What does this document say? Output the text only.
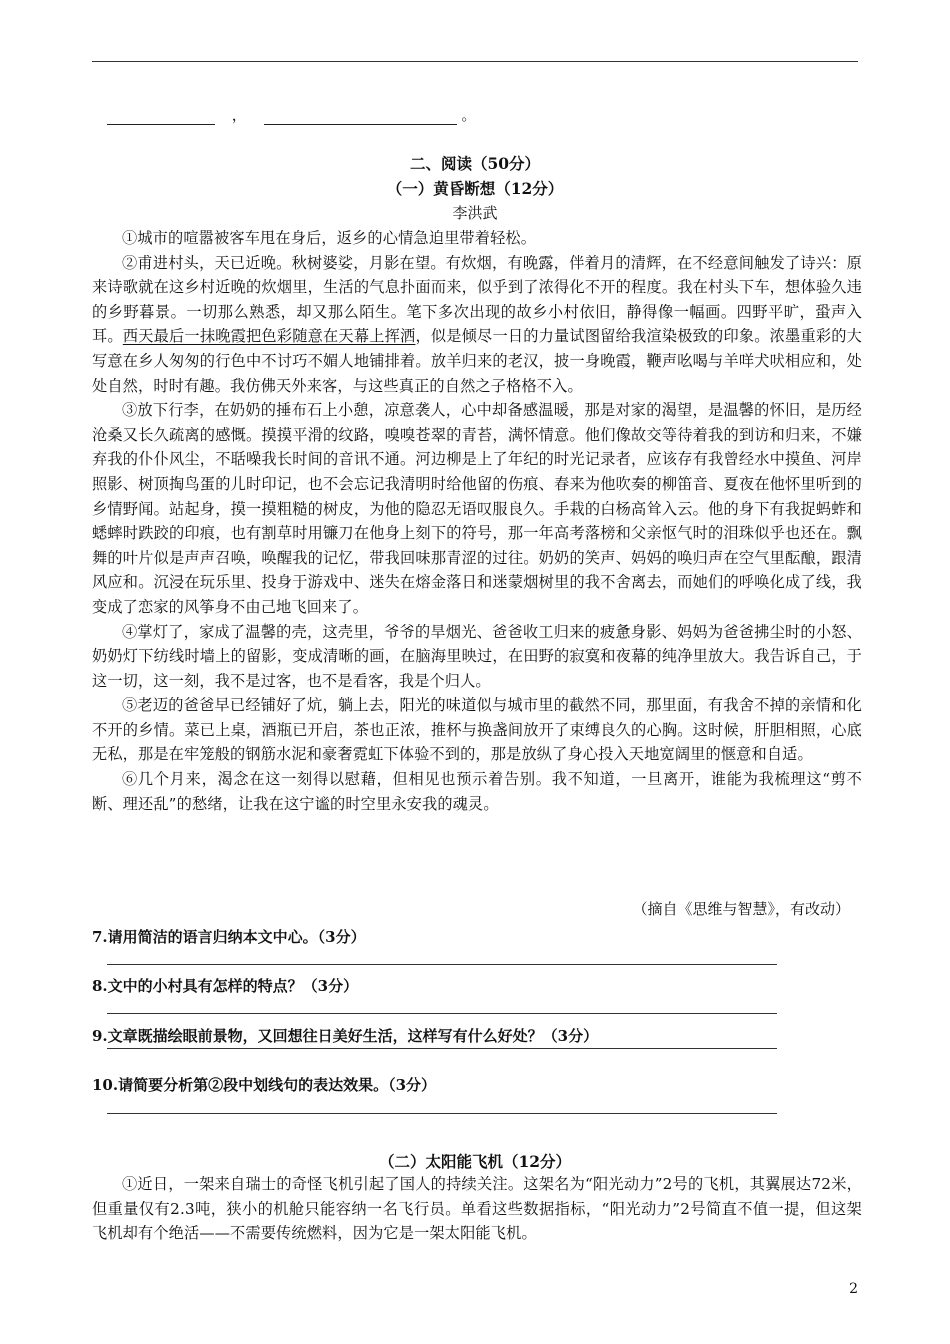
，	。
二、阅读（50分）
（一）黄昏断想（12分）
李洪武

①城市的喧嚣被客车甩在身后，返乡的心情急迫里带着轻松。

②甫进村头，天已近晚。秋树婆娑，月影在望。有炊烟，有晚露，伴着月的清辉，在不经意间触发了诗兴：原来诗歌就在这乡村近晚的炊烟里，生活的气息扑面而来，似乎到了浓得化不开的程度。我在村头下车，想体验久违的乡野暮景。一切那么熟悉，却又那么陌生。笔下多次出现的故乡小村依旧，静得像一幅画。四野平旷，蛩声入耳。西天最后一抹晚霞把色彩随意在天幕上挥洒，似是倾尽一日的力量试图留给我渲染极致的印象。浓墨重彩的大写意在乡人匆匆的行色中不讨巧不媚人地铺排着。放羊归来的老汉，披一身晚霞，鞭声吆喝与羊咩犬吠相应和，处处自然，时时有趣。我仿佛天外来客，与这些真正的自然之子格格不入。

③放下行李，在奶奶的捶布石上小憩，凉意袭人，心中却备感温暖，那是对家的渴望，是温馨的怀旧，是历经沧桑又长久疏离的感慨。摸摸平滑的纹路，嗅嗅苍翠的青苔，满怀情意。他们像故交等待着我的到访和归来，不嫌弃我的仆仆风尘，不聒噪我长时间的音讯不通。河边柳是上了年纪的时光记录者，应该存有我曾经水中摸鱼、河岸照影、树顶掏鸟蛋的儿时印记，也不会忘记我清明时给他留的伤痕、春来为他吹奏的柳笛音、夏夜在他怀里听到的乡情野闻。站起身，摸一摸粗糙的树皮，为他的隐忍无语叹服良久。手栽的白杨高耸入云。他的身下有我捉蚂蚱和蟋蟀时跌跤的印痕，也有割草时用镰刀在他身上刻下的符号，那一年高考落榜和父亲怄气时的泪珠似乎也还在。飘舞的叶片似是声声召唤，唤醒我的记忆，带我回味那青涩的过往。奶奶的笑声、妈妈的唤归声在空气里酝酿，跟清风应和。沉浸在玩乐里、投身于游戏中、迷失在熔金落日和迷蒙烟树里的我不舍离去，而她们的呼唤化成了线，我变成了恋家的风筝身不由己地飞回来了。

④掌灯了，家成了温馨的壳，这壳里，爷爷的旱烟光、爸爸收工归来的疲惫身影、妈妈为爸爸拂尘时的小怒、奶奶灯下纺线时墙上的留影，变成清晰的画，在脑海里映过，在田野的寂寞和夜幕的纯净里放大。我告诉自己，于这一切，这一刻，我不是过客，也不是看客，我是个归人。

⑤老迈的爸爸早已经铺好了炕，躺上去，阳光的味道似与城市里的截然不同，那里面，有我舍不掉的亲情和化不开的乡情。菜已上桌，酒瓶已开启，茶也正浓，推杯与换盏间放开了束缚良久的心胸。这时候，肝胆相照，心底无私，那是在牢笼般的钢筋水泥和豪奢霓虹下体验不到的，那是放纵了身心投入天地宽阔里的惬意和自适。

⑥几个月来，渴念在这一刻得以慰藉，但相见也预示着告别。我不知道，一旦离开，谁能为我梳理这“剪不断、理还乱”的愁绪，让我在这宁谧的时空里永安我的魂灵。

（摘自《思维与智慧》，有改动）
7.请用简洁的语言归纳本文中心。（3分）
8.文中的小村具有怎样的特点？（3分）
9.文章既描绘眼前景物，又回想往日美好生活，这样写有什么好处？（3分）
10.请简要分析第②段中划线句的表达效果。（3分）
（二）太阳能飞机（12分）

①近日，一架来自瑞士的奇怪飞机引起了国人的持续关注。这架名为“阳光动力”2号的飞机，其翼展达72米，但重量仅有2.3吨，狭小的机舱只能容纳一名飞行员。单看这些数据指标，“阳光动力”2号简直不值一提，但这架飞机却有个绝活——不需要传统燃料，因为它是一架太阳能飞机。

2
